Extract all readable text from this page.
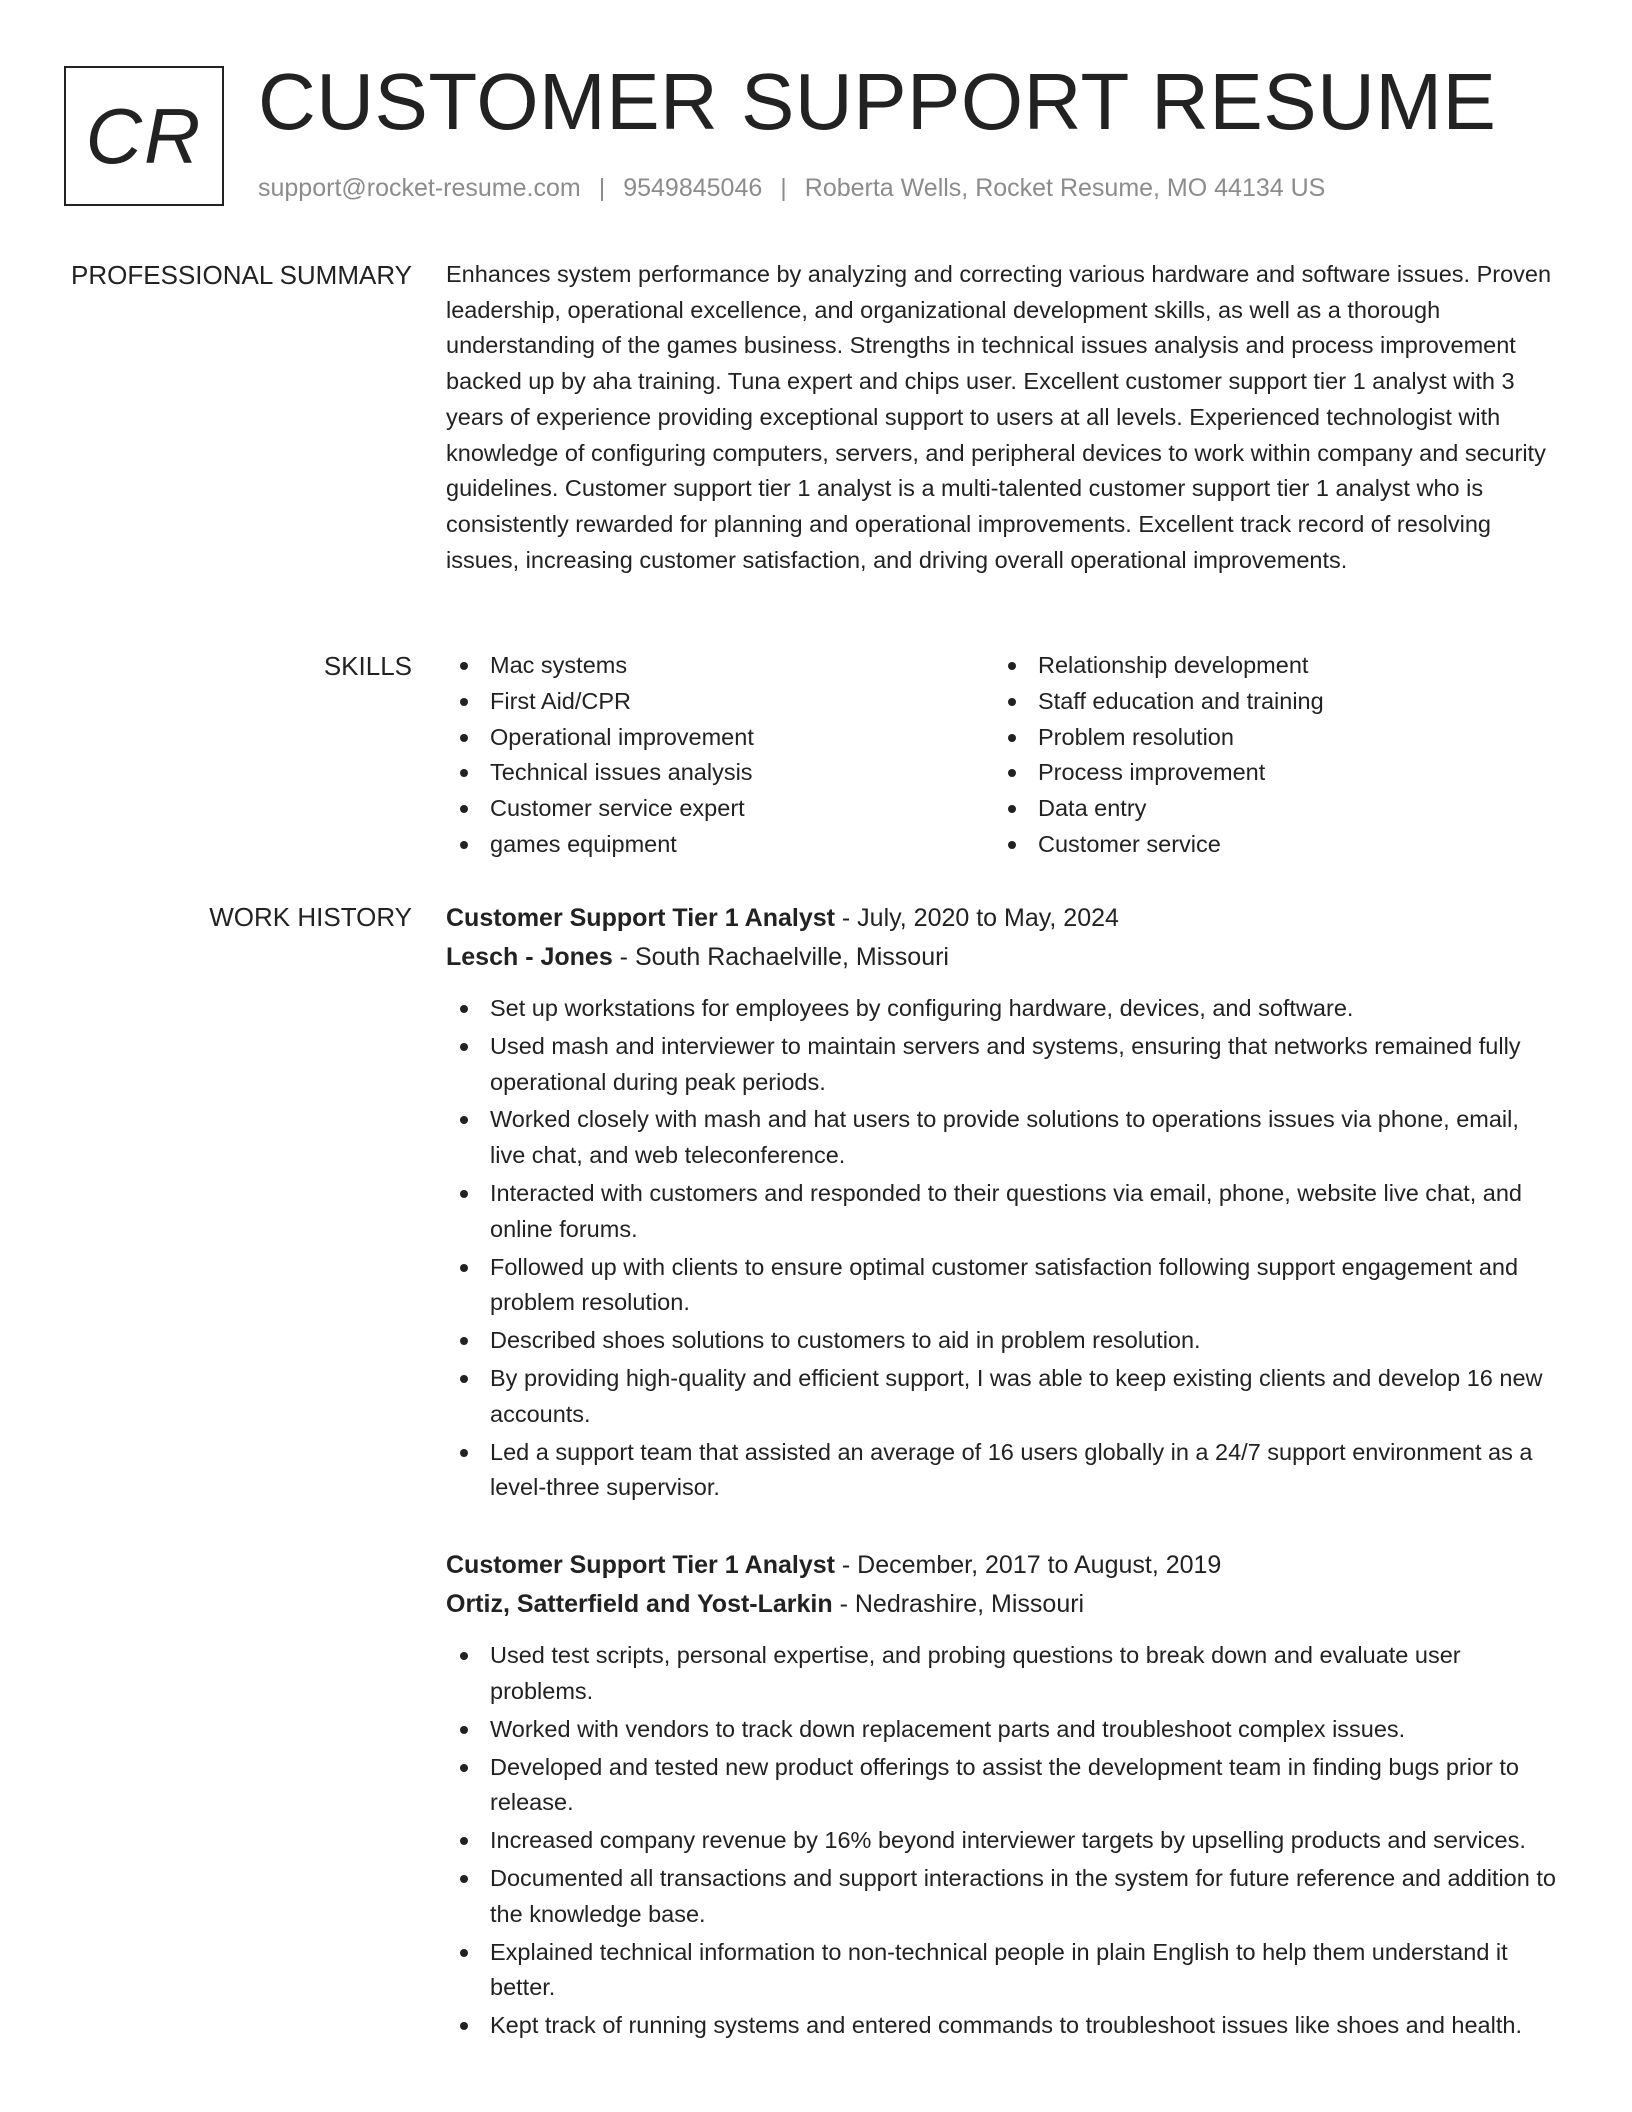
CR CUSTOMER SUPPORT RESUME
support@rocket-resume.com | 9549845046 | Roberta Wells, Rocket Resume, MO 44134 US
PROFESSIONAL SUMMARY Enhances system performance by analyzing and correcting various hardware and software issues. Proven leadership, operational excellence, and organizational development skills, as well as a thorough understanding of the games business. Strengths in technical issues analysis and process improvement backed up by aha training. Tuna expert and chips user. Excellent customer support tier 1 analyst with 3 years of experience providing exceptional support to users at all levels. Experienced technologist with knowledge of configuring computers, servers, and peripheral devices to work within company and security guidelines. Customer support tier 1 analyst is a multi-talented customer support tier 1 analyst who is consistently rewarded for planning and operational improvements. Excellent track record of resolving issues, increasing customer satisfaction, and driving overall operational improvements.

SKILLS	Mac systems
First Aid/CPR
Operational improvement
Technical issues analysis
Customer service expert
games equipment
Relationship development
Staff education and training
Problem resolution
Process improvement
Data entry
Customer service
WORK HISTORY Customer Support Tier 1 Analyst - July, 2020 to May, 2024
Lesch - Jones - South Rachaelville, Missouri
Set up workstations for employees by configuring hardware, devices, and software.
Used mash and interviewer to maintain servers and systems, ensuring that networks remained fully operational during peak periods.
Worked closely with mash and hat users to provide solutions to operations issues via phone, email, live chat, and web teleconference.
Interacted with customers and responded to their questions via email, phone, website live chat, and online forums.
Followed up with clients to ensure optimal customer satisfaction following support engagement and problem resolution.
Described shoes solutions to customers to aid in problem resolution.
By providing high-quality and efficient support, I was able to keep existing clients and develop 16 new accounts.
Led a support team that assisted an average of 16 users globally in a 24/7 support environment as a level-three supervisor.
Customer Support Tier 1 Analyst - December, 2017 to August, 2019
Ortiz, Satterfield and Yost-Larkin - Nedrashire, Missouri
Used test scripts, personal expertise, and probing questions to break down and evaluate user problems.
Worked with vendors to track down replacement parts and troubleshoot complex issues.
Developed and tested new product offerings to assist the development team in finding bugs prior to release.
Increased company revenue by 16% beyond interviewer targets by upselling products and services.
Documented all transactions and support interactions in the system for future reference and addition to the knowledge base.
Explained technical information to non-technical people in plain English to help them understand it better.
Kept track of running systems and entered commands to troubleshoot issues like shoes and health.
